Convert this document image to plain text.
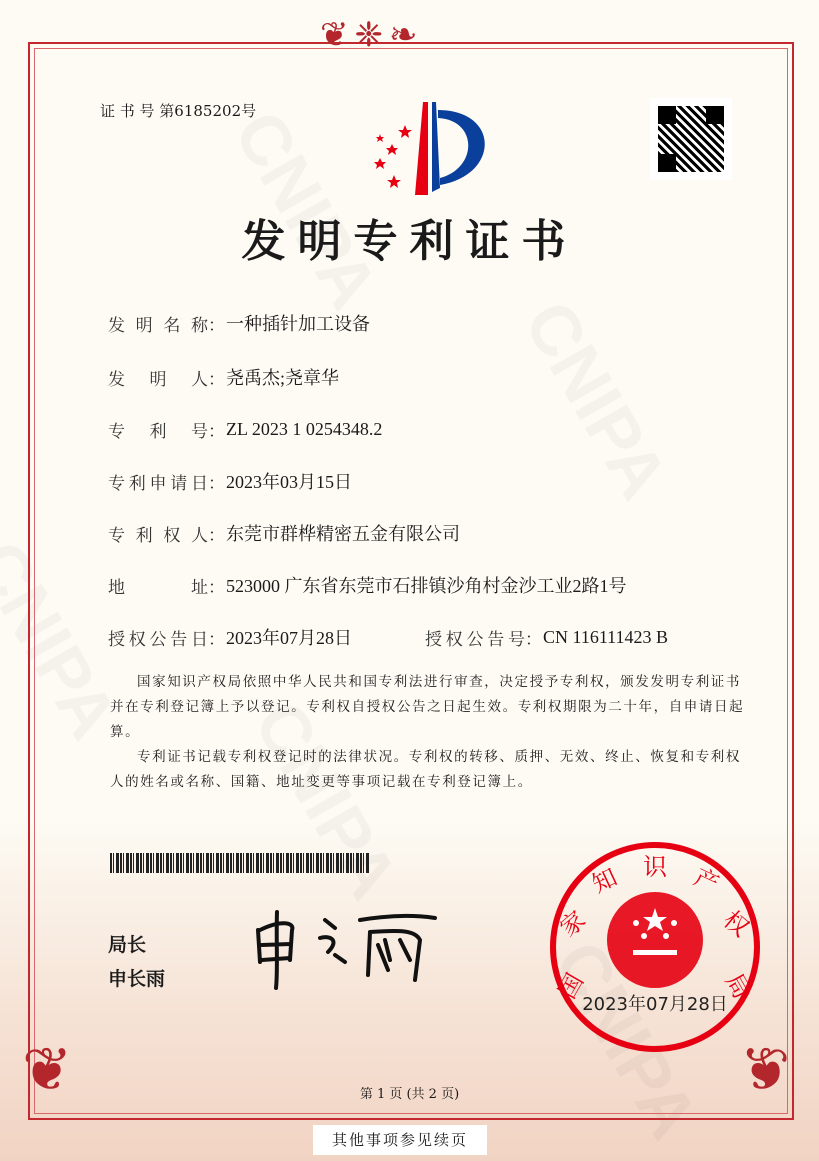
❦❈❧
❦	❦
证 书 号 第6185202号
发明专利证书
发明名称 ： 一种插针加工设备
发明人 ： 尧禹杰;尧章华
专利号 ： ZL 2023 1 0254348.2
专利申请日 ： 2023年03月15日
专利权人 ： 东莞市群桦精密五金有限公司
地址 ： 523000 广东省东莞市石排镇沙角村金沙工业2路1号
授权公告日 ： 2023年07月28日	授权公告号 ： CN 116111423 B
国家知识产权局依照中华人民共和国专利法进行审查，决定授予专利权，颁发发明专利证书并在专利登记簿上予以登记。专利权自授权公告之日起生效。专利权期限为二十年，自申请日起算。
专利证书记载专利权登记时的法律状况。专利权的转移、质押、无效、终止、恢复和专利权人的姓名或名称、国籍、地址变更等事项记载在专利登记簿上。
局长
申长雨
2023年07月28日
国
家
知 识 产
权
局
第 1 页 (共 2 页)
其他事项参见续页
